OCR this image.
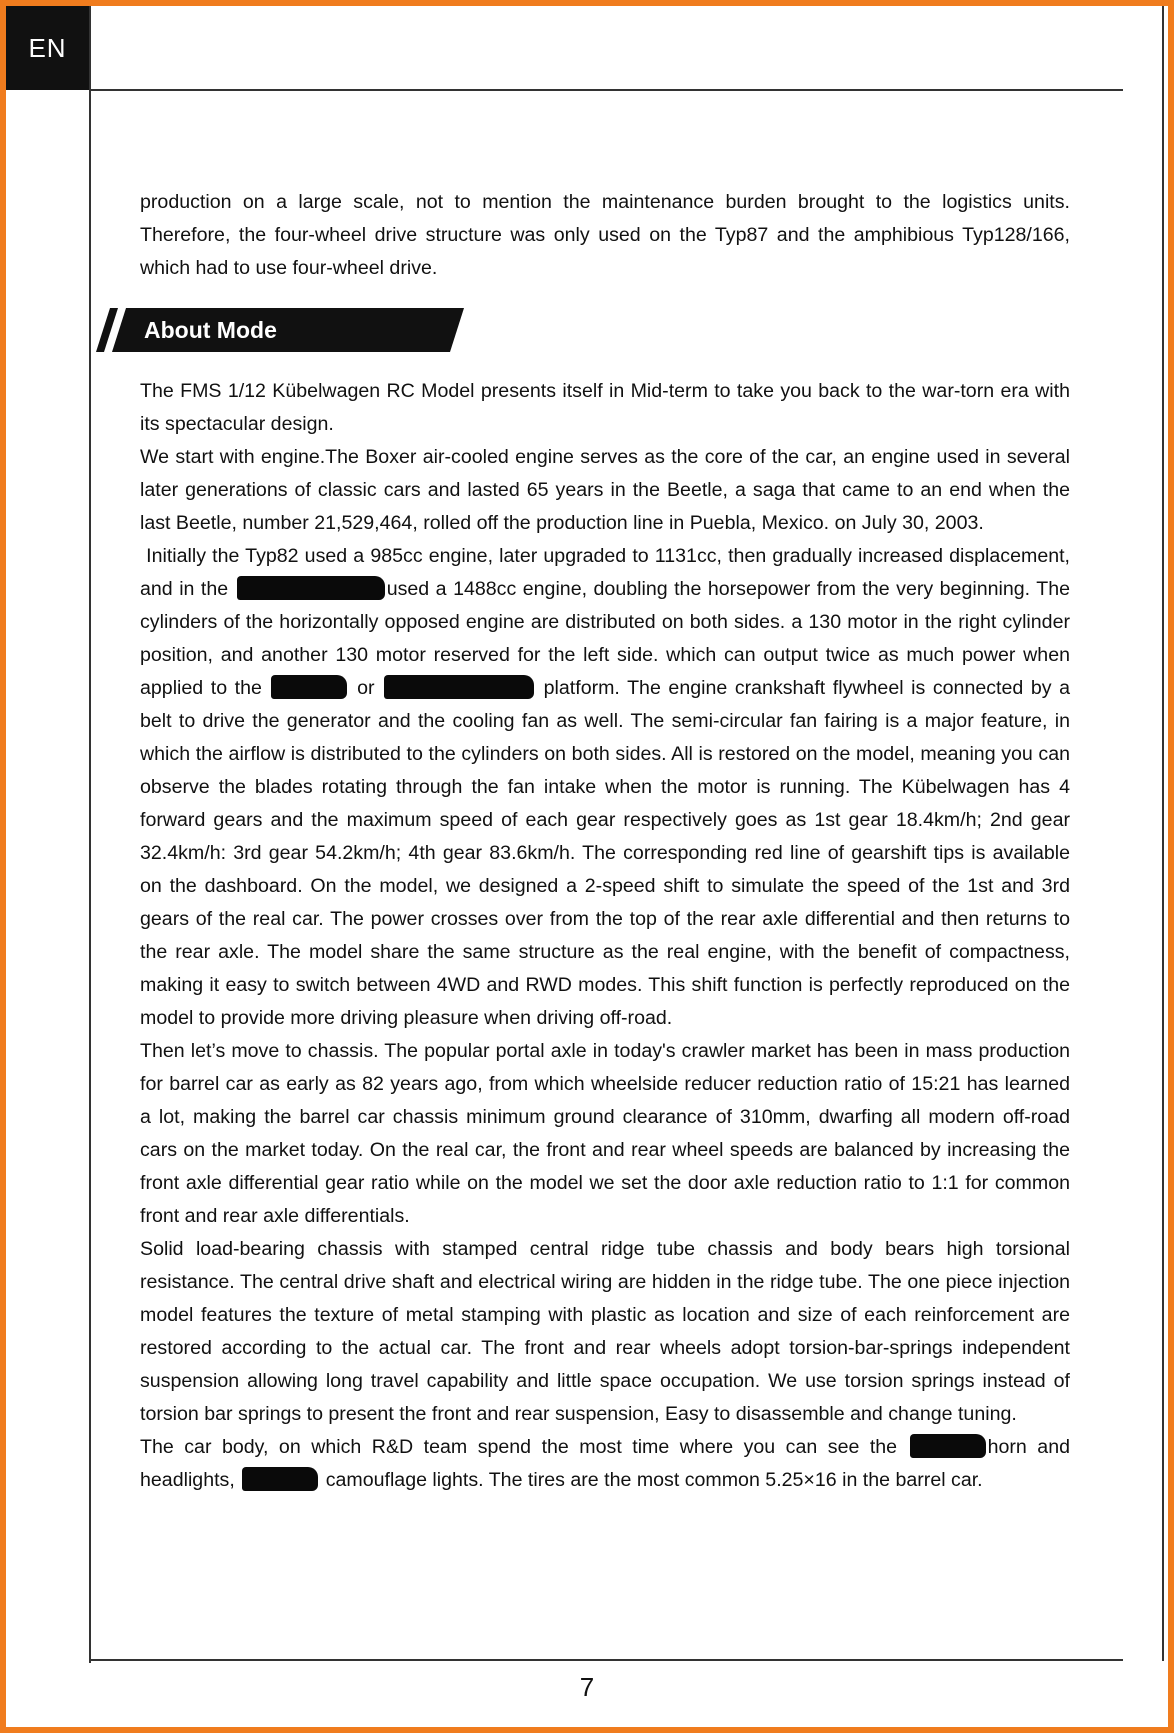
EN

production on a large scale, not to mention the maintenance burden brought to the logistics units. Therefore, the four-wheel drive structure was only used on the Typ87 and the amphibious Typ128/166, which had to use four-wheel drive.

About Mode
The FMS 1/12 Kübelwagen RC Model presents itself in Mid-term to take you back to the war-torn era with its spectacular design.
We start with engine.The Boxer air-cooled engine serves as the core of the car, an engine used in several later generations of classic cars and lasted 65 years in the Beetle, a saga that came to an end when the last Beetle, number 21,529,464, rolled off the production line in Puebla, Mexico. on July 30, 2003.
Initially the Typ82 used a 985cc engine, later upgraded to 1131cc, then gradually increased displacement, and in the	used a 1488cc engine, doubling the horsepower from the very beginning. The cylinders of the horizontally opposed engine are distributed on both sides. a 130 motor in the right cylinder position, and another 130 motor reserved for the left side. which can output twice as much power when applied to the	or	platform. The engine crankshaft flywheel is connected by a belt to drive the generator and the cooling fan as well. The semi-circular fan fairing is a major feature, in which the airflow is distributed to the cylinders on both sides. All is restored on the model, meaning you can observe the blades rotating through the fan intake when the motor is running. The Kübelwagen has 4 forward gears and the maximum speed of each gear respectively goes as 1st gear 18.4km/h; 2nd gear 32.4km/h: 3rd gear 54.2km/h; 4th gear 83.6km/h. The corresponding red line of gearshift tips is available on the dashboard. On the model, we designed a 2-speed shift to simulate the speed of the 1st and 3rd gears of the real car. The power crosses over from the top of the rear axle differential and then returns to the rear axle. The model share the same structure as the real engine, with the benefit of compactness, making it easy to switch between 4WD and RWD modes. This shift function is perfectly reproduced on the model to provide more driving pleasure when driving off-road.
Then let’s move to chassis. The popular portal axle in today's crawler market has been in mass production for barrel car as early as 82 years ago, from which wheelside reducer reduction ratio of 15:21 has learned a lot, making the barrel car chassis minimum ground clearance of 310mm, dwarfing all modern off-road cars on the market today. On the real car, the front and rear wheel speeds are balanced by increasing the front axle differential gear ratio while on the model we set the door axle reduction ratio to 1:1 for common front and rear axle differentials.
Solid load-bearing chassis with stamped central ridge tube chassis and body bears high torsional resistance. The central drive shaft and electrical wiring are hidden in the ridge tube. The one piece injection model features the texture of metal stamping with plastic as location and size of each reinforcement are restored according to the actual car. The front and rear wheels adopt torsion-bar-springs independent suspension allowing long travel capability and little space occupation. We use torsion springs instead of torsion bar springs to present the front and rear suspension, Easy to disassemble and change tuning.
The car body, on which R&D team spend the most time where you can see the	horn and headlights,	camouflage lights. The tires are the most common 5.25×16 in the barrel car.
7
